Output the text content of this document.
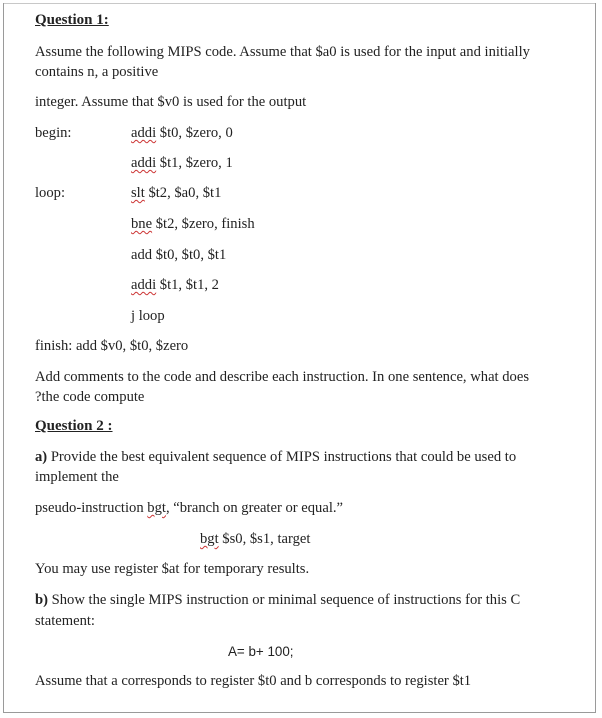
Question 1:
Assume the following MIPS code. Assume that $a0 is used for the input and initially
contains n, a positive
integer. Assume that $v0 is used for the output
begin:	addi $t0, $zero, 0
addi $t1, $zero, 1
loop:	slt $t2, $a0, $t1
bne $t2, $zero, finish
add $t0, $t0, $t1
addi $t1, $t1, 2
j loop
finish: add $v0, $t0, $zero
Add comments to the code and describe each instruction. In one sentence, what does
?the code compute
Question 2 :
a) Provide the best equivalent sequence of MIPS instructions that could be used to
implement the
pseudo-instruction bgt, “branch on greater or equal.”
bgt $s0, $s1, target
You may use register $at for temporary results.
b) Show the single MIPS instruction or minimal sequence of instructions for this C
statement:
A= b+ 100;
Assume that a corresponds to register $t0 and b corresponds to register $t1
